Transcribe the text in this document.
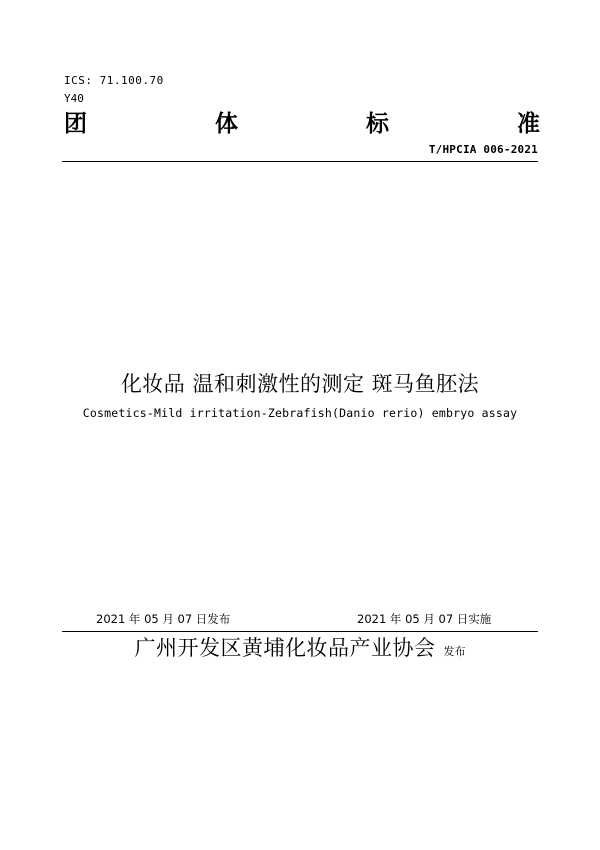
ICS: 71.100.70
Y40
团	体	标	准
T/HPCIA 006-2021
化妆品 温和刺激性的测定 斑马鱼胚法
Cosmetics-Mild irritation-Zebrafish(Danio rerio) embryo assay
2021 年 05 月 07 日发布	2021 年 05 月 07 日实施
广州开发区黄埔化妆品产业协会 发布
